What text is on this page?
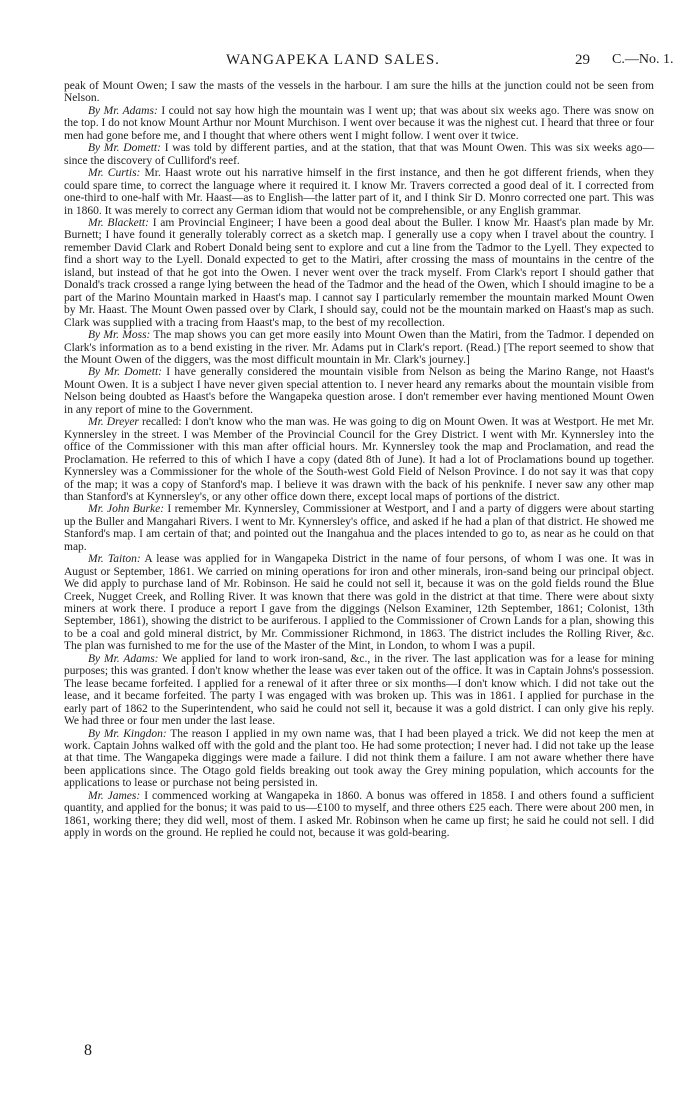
WANGAPEKA LAND SALES.	29 C.—No. 1.

peak of Mount Owen; I saw the masts of the vessels in the harbour. I am sure the hills at the junction could not be seen from Nelson.

By Mr. Adams: I could not say how high the mountain was I went up; that was about six weeks ago. There was snow on the top. I do not know Mount Arthur nor Mount Murchison. I went over because it was the nighest cut. I heard that three or four men had gone before me, and I thought that where others went I might follow. I went over it twice.

By Mr. Domett: I was told by different parties, and at the station, that that was Mount Owen. This was six weeks ago—since the discovery of Culliford's reef.

Mr. Curtis: Mr. Haast wrote out his narrative himself in the first instance, and then he got different friends, when they could spare time, to correct the language where it required it. I know Mr. Travers corrected a good deal of it. I corrected from one-third to one-half with Mr. Haast—as to English—the latter part of it, and I think Sir D. Monro corrected one part. This was in 1860. It was merely to correct any German idiom that would not be comprehensible, or any English grammar.

Mr. Blackett: I am Provincial Engineer; I have been a good deal about the Buller. I know Mr. Haast's plan made by Mr. Burnett; I have found it generally tolerably correct as a sketch map. I generally use a copy when I travel about the country. I remember David Clark and Robert Donald being sent to explore and cut a line from the Tadmor to the Lyell. They expected to find a short way to the Lyell. Donald expected to get to the Matiri, after crossing the mass of mountains in the centre of the island, but instead of that he got into the Owen. I never went over the track myself. From Clark's report I should gather that Donald's track crossed a range lying between the head of the Tadmor and the head of the Owen, which I should imagine to be a part of the Marino Mountain marked in Haast's map. I cannot say I particularly remember the mountain marked Mount Owen by Mr. Haast. The Mount Owen passed over by Clark, I should say, could not be the mountain marked on Haast's map as such. Clark was supplied with a tracing from Haast's map, to the best of my recollection.

By Mr. Moss: The map shows you can get more easily into Mount Owen than the Matiri, from the Tadmor. I depended on Clark's information as to a bend existing in the river. Mr. Adams put in Clark's report. (Read.) [The report seemed to show that the Mount Owen of the diggers, was the most difficult mountain in Mr. Clark's journey.]

By Mr. Domett: I have generally considered the mountain visible from Nelson as being the Marino Range, not Haast's Mount Owen. It is a subject I have never given special attention to. I never heard any remarks about the mountain visible from Nelson being doubted as Haast's before the Wangapeka question arose. I don't remember ever having mentioned Mount Owen in any report of mine to the Government.

Mr. Dreyer recalled: I don't know who the man was. He was going to dig on Mount Owen. It was at Westport. He met Mr. Kynnersley in the street. I was Member of the Provincial Council for the Grey District. I went with Mr. Kynnersley into the office of the Commissioner with this man after official hours. Mr. Kynnersley took the map and Proclamation, and read the Proclamation. He referred to this of which I have a copy (dated 8th of June). It had a lot of Proclamations bound up together. Kynnersley was a Commissioner for the whole of the South-west Gold Field of Nelson Province. I do not say it was that copy of the map; it was a copy of Stanford's map. I believe it was drawn with the back of his penknife. I never saw any other map than Stanford's at Kynnersley's, or any other office down there, except local maps of portions of the district.

Mr. John Burke: I remember Mr. Kynnersley, Commissioner at Westport, and I and a party of diggers were about starting up the Buller and Mangahari Rivers. I went to Mr. Kynnersley's office, and asked if he had a plan of that district. He showed me Stanford's map. I am certain of that; and pointed out the Inangahua and the places intended to go to, as near as he could on that map.

Mr. Taiton: A lease was applied for in Wangapeka District in the name of four persons, of whom I was one. It was in August or September, 1861. We carried on mining operations for iron and other minerals, iron-sand being our principal object. We did apply to purchase land of Mr. Robinson. He said he could not sell it, because it was on the gold fields round the Blue Creek, Nugget Creek, and Rolling River. It was known that there was gold in the district at that time. There were about sixty miners at work there. I produce a report I gave from the diggings (Nelson Examiner, 12th September, 1861; Colonist, 13th September, 1861), showing the district to be auriferous. I applied to the Commissioner of Crown Lands for a plan, showing this to be a coal and gold mineral district, by Mr. Commissioner Richmond, in 1863. The district includes the Rolling River, &c. The plan was furnished to me for the use of the Master of the Mint, in London, to whom I was a pupil.

By Mr. Adams: We applied for land to work iron-sand, &c., in the river. The last application was for a lease for mining purposes; this was granted. I don't know whether the lease was ever taken out of the office. It was in Captain Johns's possession. The lease became forfeited. I applied for a renewal of it after three or six months—I don't know which. I did not take out the lease, and it became forfeited. The party I was engaged with was broken up. This was in 1861. I applied for purchase in the early part of 1862 to the Superintendent, who said he could not sell it, because it was a gold district. I can only give his reply. We had three or four men under the last lease.

By Mr. Kingdon: The reason I applied in my own name was, that I had been played a trick. We did not keep the men at work. Captain Johns walked off with the gold and the plant too. He had some protection; I never had. I did not take up the lease at that time. The Wangapeka diggings were made a failure. I did not think them a failure. I am not aware whether there have been applications since. The Otago gold fields breaking out took away the Grey mining population, which accounts for the applications to lease or purchase not being persisted in.

Mr. James: I commenced working at Wangapeka in 1860. A bonus was offered in 1858. I and others found a sufficient quantity, and applied for the bonus; it was paid to us—£100 to myself, and three others £25 each. There were about 200 men, in 1861, working there; they did well, most of them. I asked Mr. Robinson when he came up first; he said he could not sell. I did apply in words on the ground. He replied he could not, because it was gold-bearing.

8
